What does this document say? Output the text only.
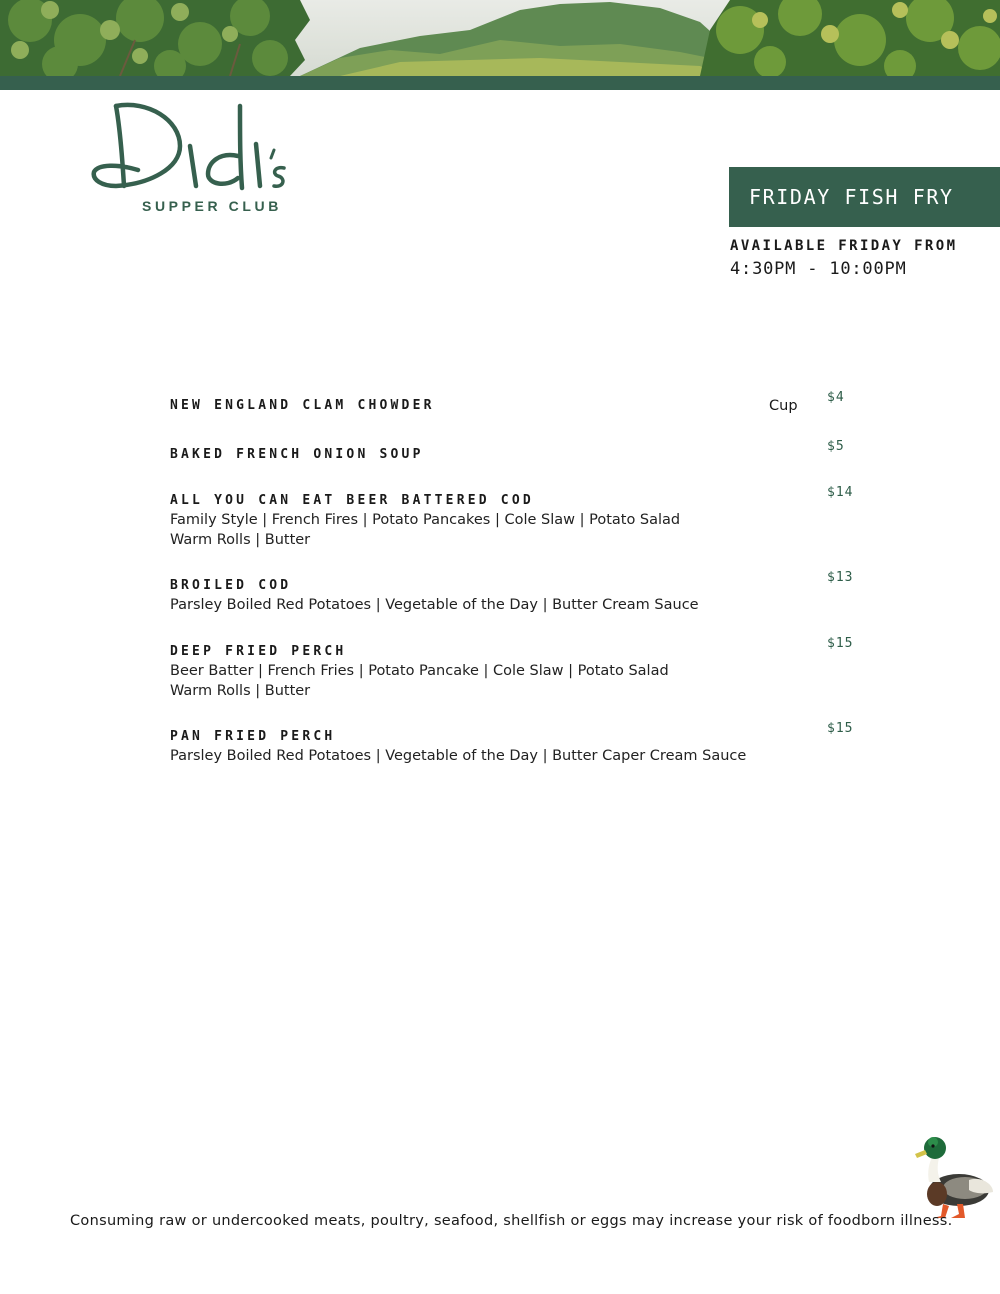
SUPPER CLUB	FRIDAY FISH FRY
AVAILABLE FRIDAY FROM
4:30PM - 10:00PM
NEW ENGLAND CLAM CHOWDER	Cup
$4
BAKED FRENCH ONION SOUP
$5
ALL YOU CAN EAT BEER BATTERED COD
Family Style | French Fires | Potato Pancakes | Cole Slaw | Potato Salad
Warm Rolls | Butter
$14
BROILED COD
Parsley Boiled Red Potatoes | Vegetable of the Day | Butter Cream Sauce
$13
DEEP FRIED PERCH
Beer Batter | French Fries | Potato Pancake | Cole Slaw | Potato Salad
Warm Rolls | Butter
$15
PAN FRIED PERCH
Parsley Boiled Red Potatoes | Vegetable of the Day | Butter Caper Cream Sauce
$15
Consuming raw or undercooked meats, poultry, seafood, shellfish or eggs may increase your risk of foodborn illness.
